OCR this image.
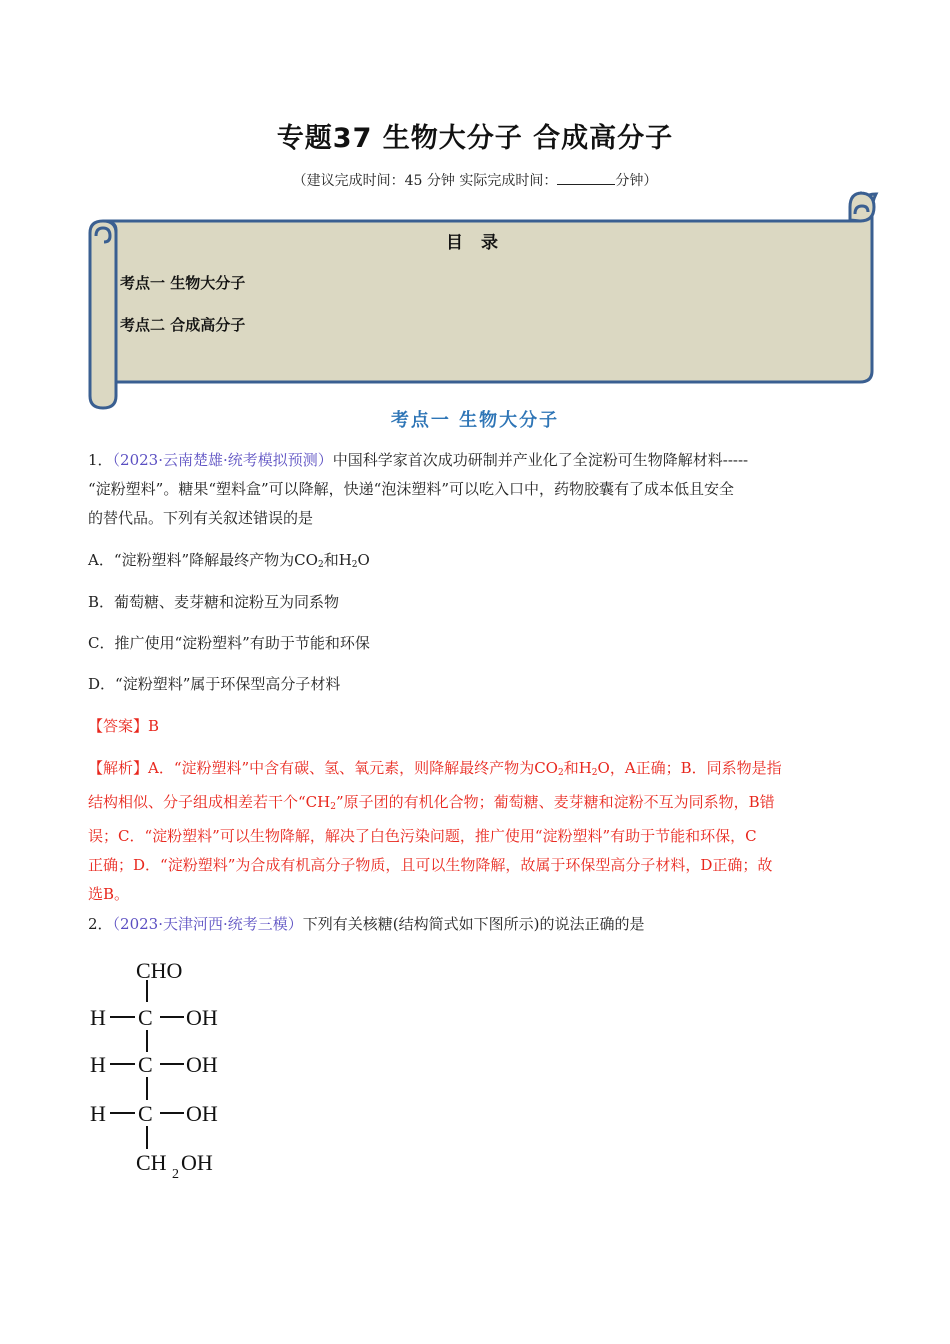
专题37 生物大分子 合成高分子
（建议完成时间：45 分钟 实际完成时间：	分钟）
目 录
考点一 生物大分子
考点二 合成高分子
考点一 生物大分子
1．（2023·云南楚雄·统考模拟预测）中国科学家首次成功研制并产业化了全淀粉可生物降解材料-----
“淀粉塑料”。糖果“塑料盒”可以降解，快递“泡沫塑料”可以吃入口中，药物胶囊有了成本低且安全
的替代品。下列有关叙述错误的是
A．“淀粉塑料”降解最终产物为$CO_2$和$H_2O$
B．葡萄糖、麦芽糖和淀粉互为同系物
C．推广使用“淀粉塑料”有助于节能和环保
D．“淀粉塑料”属于环保型高分子材料
【答案】B
【解析】A．“淀粉塑料”中含有碳、氢、氧元素，则降解最终产物为$CO_2$和$H_2O$，A正确；B．同系物是指
结构相似、分子组成相差若干个“$CH_2$”原子团的有机化合物；葡萄糖、麦芽糖和淀粉不互为同系物，B错
误；C．“淀粉塑料”可以生物降解，解决了白色污染问题，推广使用“淀粉塑料”有助于节能和环保，C
正确；D．“淀粉塑料”为合成有机高分子物质，且可以生物降解，故属于环保型高分子材料，D正确；故
选B。
2．（2023·天津河西·统考三模）下列有关核糖(结构简式如下图所示)的说法正确的是
CHO
H C OH
H C OH
H C OH
CH 2 OH
